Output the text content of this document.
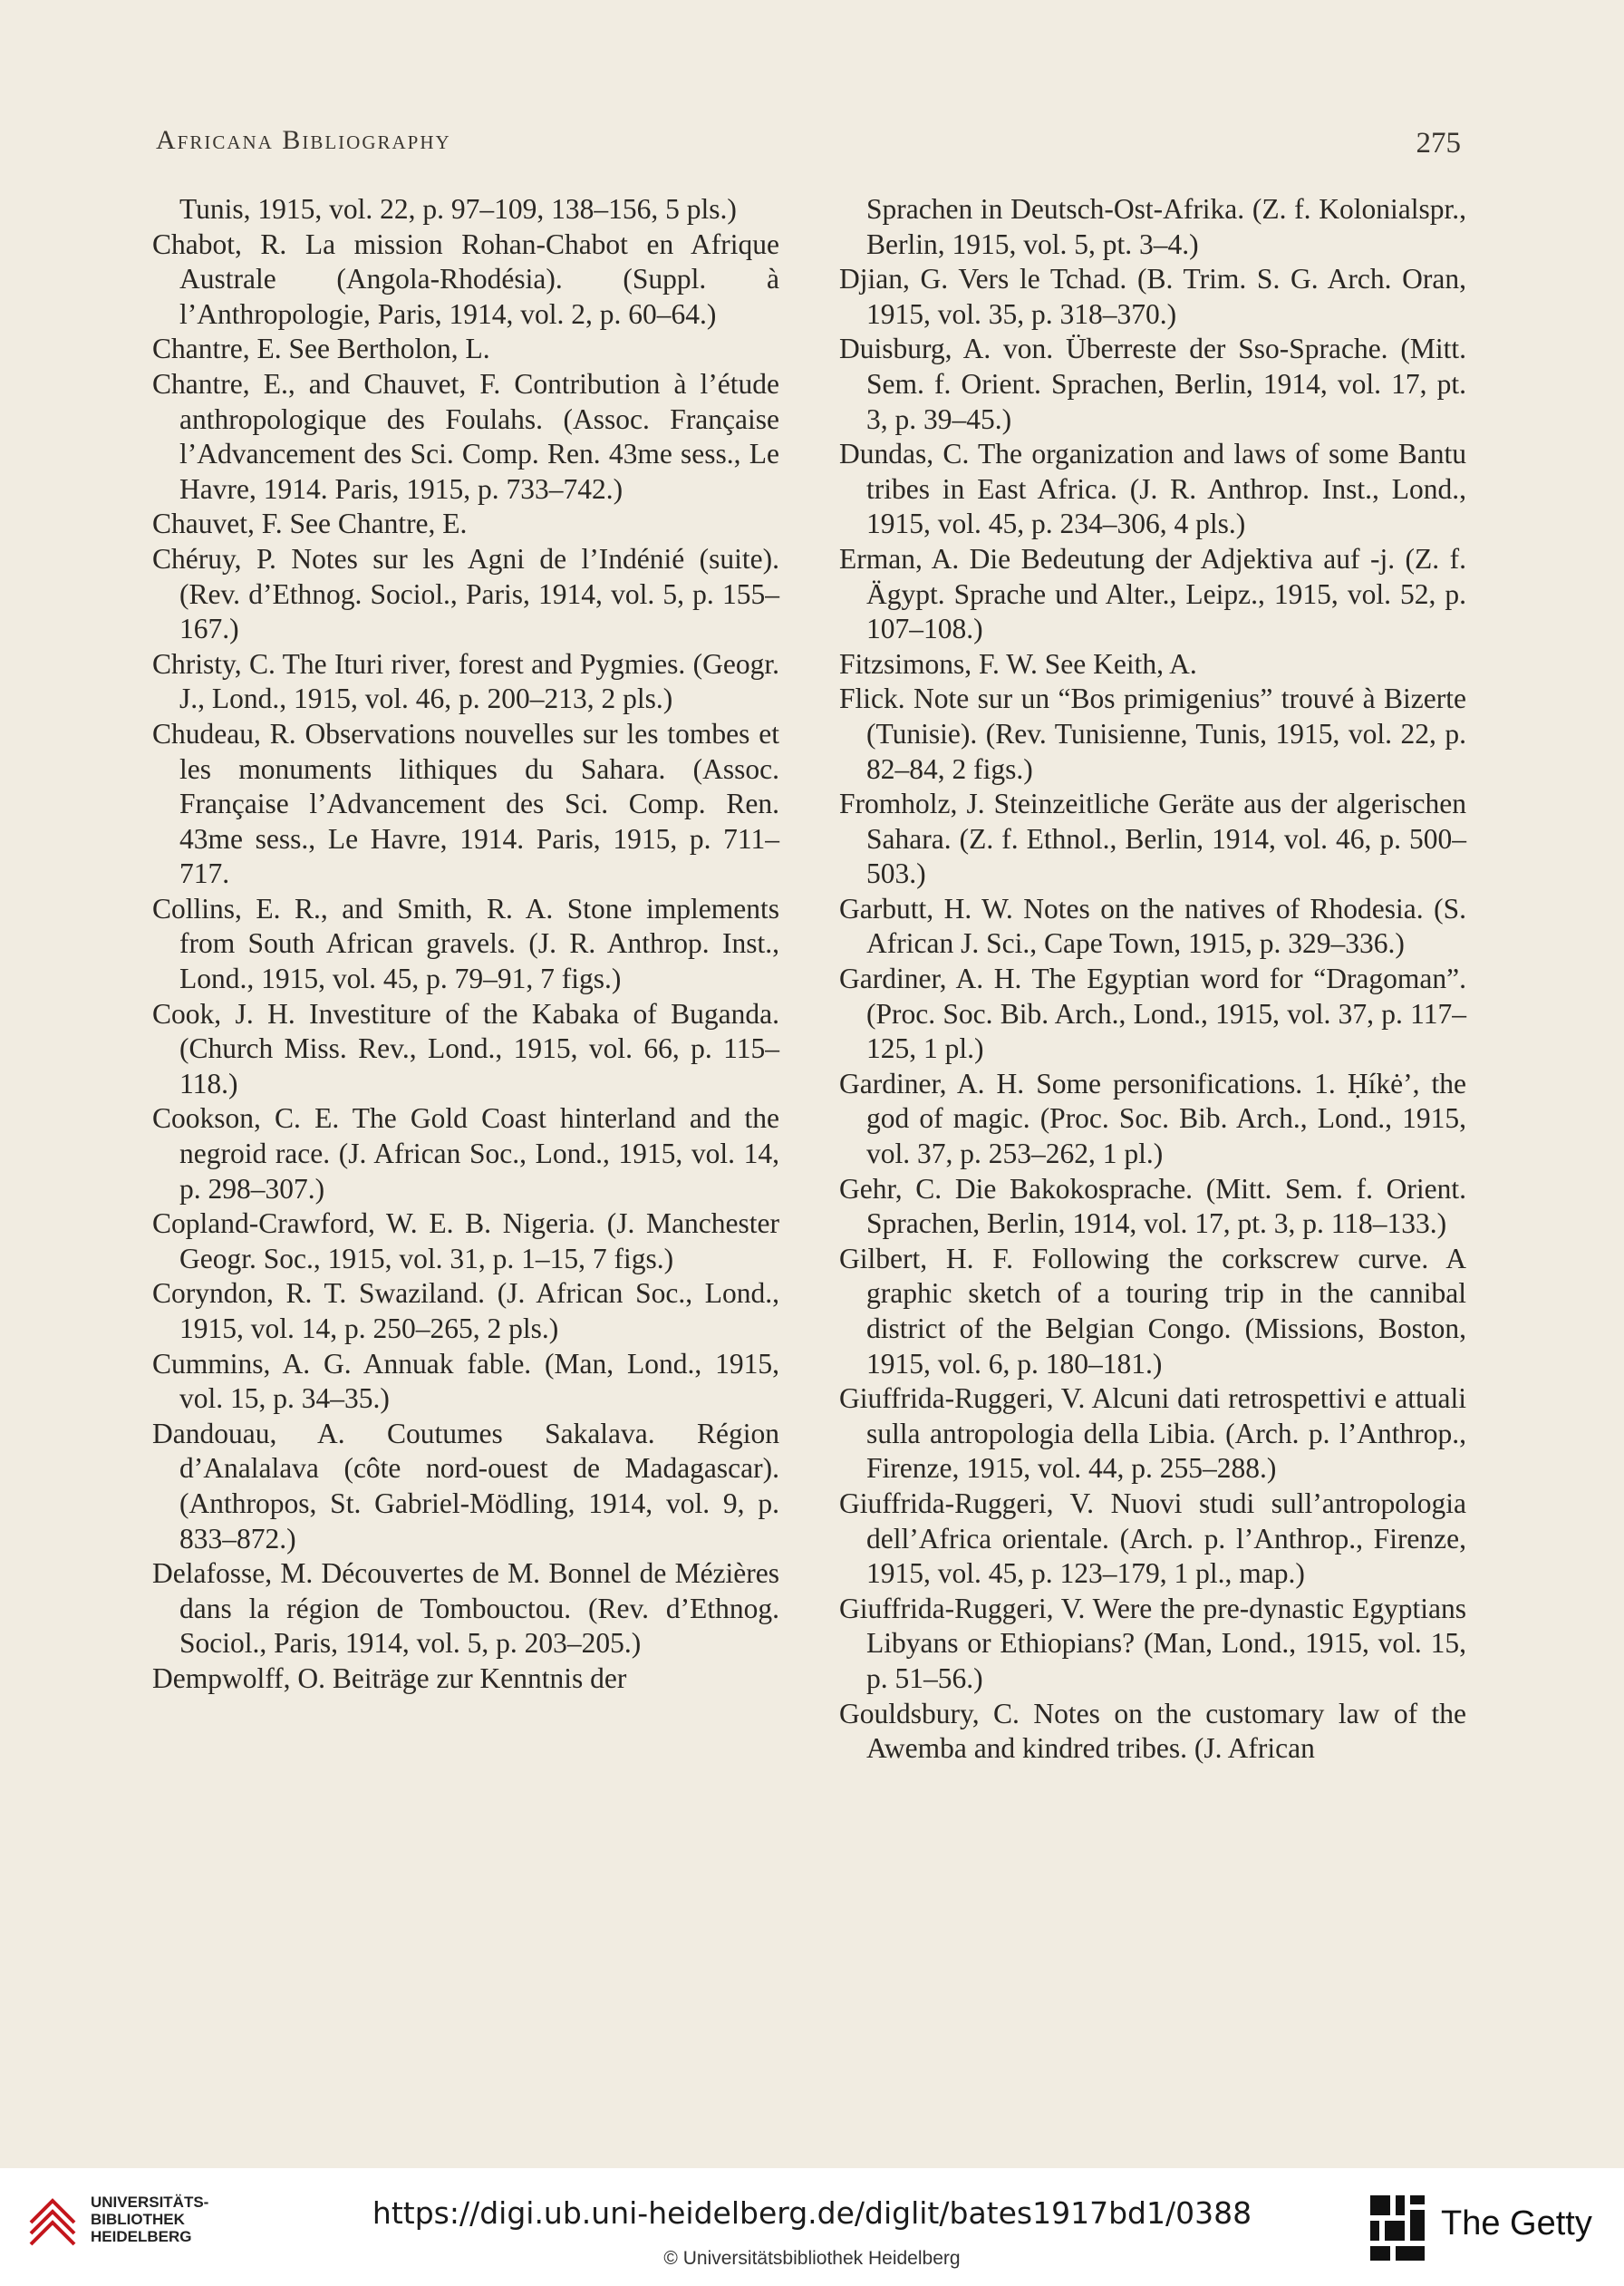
Africana Bibliography	275

Tunis, 1915, vol. 22, p. 97–109, 138–156, 5 pls.)

Chabot, R. La mission Rohan-Chabot en Afrique Australe (Angola-Rhodésia). (Suppl. à l’Anthropologie, Paris, 1914, vol. 2, p. 60–64.)

Chantre, E. See Bertholon, L.

Chantre, E., and Chauvet, F. Contribution à l’étude anthropologique des Foulahs. (Assoc. Française l’Advancement des Sci. Comp. Ren. 43me sess., Le Havre, 1914. Paris, 1915, p. 733–742.)

Chauvet, F. See Chantre, E.

Chéruy, P. Notes sur les Agni de l’Indénié (suite). (Rev. d’Ethnog. Sociol., Paris, 1914, vol. 5, p. 155–167.)

Christy, C. The Ituri river, forest and Pygmies. (Geogr. J., Lond., 1915, vol. 46, p. 200–213, 2 pls.)

Chudeau, R. Observations nouvelles sur les tombes et les monuments lithiques du Sahara. (Assoc. Française l’Advancement des Sci. Comp. Ren. 43me sess., Le Havre, 1914. Paris, 1915, p. 711–717.

Collins, E. R., and Smith, R. A. Stone implements from South African gravels. (J. R. Anthrop. Inst., Lond., 1915, vol. 45, p. 79–91, 7 figs.)

Cook, J. H. Investiture of the Kabaka of Buganda. (Church Miss. Rev., Lond., 1915, vol. 66, p. 115–118.)

Cookson, C. E. The Gold Coast hinterland and the negroid race. (J. African Soc., Lond., 1915, vol. 14, p. 298–307.)

Copland-Crawford, W. E. B. Nigeria. (J. Manchester Geogr. Soc., 1915, vol. 31, p. 1–15, 7 figs.)

Coryndon, R. T. Swaziland. (J. African Soc., Lond., 1915, vol. 14, p. 250–265, 2 pls.)

Cummins, A. G. Annuak fable. (Man, Lond., 1915, vol. 15, p. 34–35.)

Dandouau, A. Coutumes Sakalava. Région d’Analalava (côte nord-ouest de Madagascar). (Anthropos, St. Gabriel-Mödling, 1914, vol. 9, p. 833–872.)

Delafosse, M. Découvertes de M. Bonnel de Mézières dans la région de Tombouctou. (Rev. d’Ethnog. Sociol., Paris, 1914, vol. 5, p. 203–205.)

Dempwolff, O. Beiträge zur Kenntnis der

Sprachen in Deutsch-Ost-Afrika. (Z. f. Kolonialspr., Berlin, 1915, vol. 5, pt. 3–4.)

Djian, G. Vers le Tchad. (B. Trim. S. G. Arch. Oran, 1915, vol. 35, p. 318–370.)

Duisburg, A. von. Überreste der Sso-Sprache. (Mitt. Sem. f. Orient. Sprachen, Berlin, 1914, vol. 17, pt. 3, p. 39–45.)

Dundas, C. The organization and laws of some Bantu tribes in East Africa. (J. R. Anthrop. Inst., Lond., 1915, vol. 45, p. 234–306, 4 pls.)

Erman, A. Die Bedeutung der Adjektiva auf -j. (Z. f. Ägypt. Sprache und Alter., Leipz., 1915, vol. 52, p. 107–108.)

Fitzsimons, F. W. See Keith, A.

Flick. Note sur un “Bos primigenius” trouvé à Bizerte (Tunisie). (Rev. Tunisienne, Tunis, 1915, vol. 22, p. 82–84, 2 figs.)

Fromholz, J. Steinzeitliche Geräte aus der algerischen Sahara. (Z. f. Ethnol., Berlin, 1914, vol. 46, p. 500–503.)

Garbutt, H. W. Notes on the natives of Rhodesia. (S. African J. Sci., Cape Town, 1915, p. 329–336.)

Gardiner, A. H. The Egyptian word for “Dragoman”. (Proc. Soc. Bib. Arch., Lond., 1915, vol. 37, p. 117–125, 1 pl.)

Gardiner, A. H. Some personifications. 1. Ḥíkė’, the god of magic. (Proc. Soc. Bib. Arch., Lond., 1915, vol. 37, p. 253–262, 1 pl.)

Gehr, C. Die Bakokosprache. (Mitt. Sem. f. Orient. Sprachen, Berlin, 1914, vol. 17, pt. 3, p. 118–133.)

Gilbert, H. F. Following the corkscrew curve. A graphic sketch of a touring trip in the cannibal district of the Belgian Congo. (Missions, Boston, 1915, vol. 6, p. 180–181.)

Giuffrida-Ruggeri, V. Alcuni dati retrospettivi e attuali sulla antropologia della Libia. (Arch. p. l’Anthrop., Firenze, 1915, vol. 44, p. 255–288.)

Giuffrida-Ruggeri, V. Nuovi studi sull’antropologia dell’Africa orientale. (Arch. p. l’Anthrop., Firenze, 1915, vol. 45, p. 123–179, 1 pl., map.)

Giuffrida-Ruggeri, V. Were the pre-dynastic Egyptians Libyans or Ethiopians? (Man, Lond., 1915, vol. 15, p. 51–56.)

Gouldsbury, C. Notes on the customary law of the Awemba and kindred tribes. (J. African

UNIVERSITÄTS-
BIBLIOTHEK
HEIDELBERG
https://digi.ub.uni-heidelberg.de/diglit/bates1917bd1/0388
© Universitätsbibliothek Heidelberg
The Getty
